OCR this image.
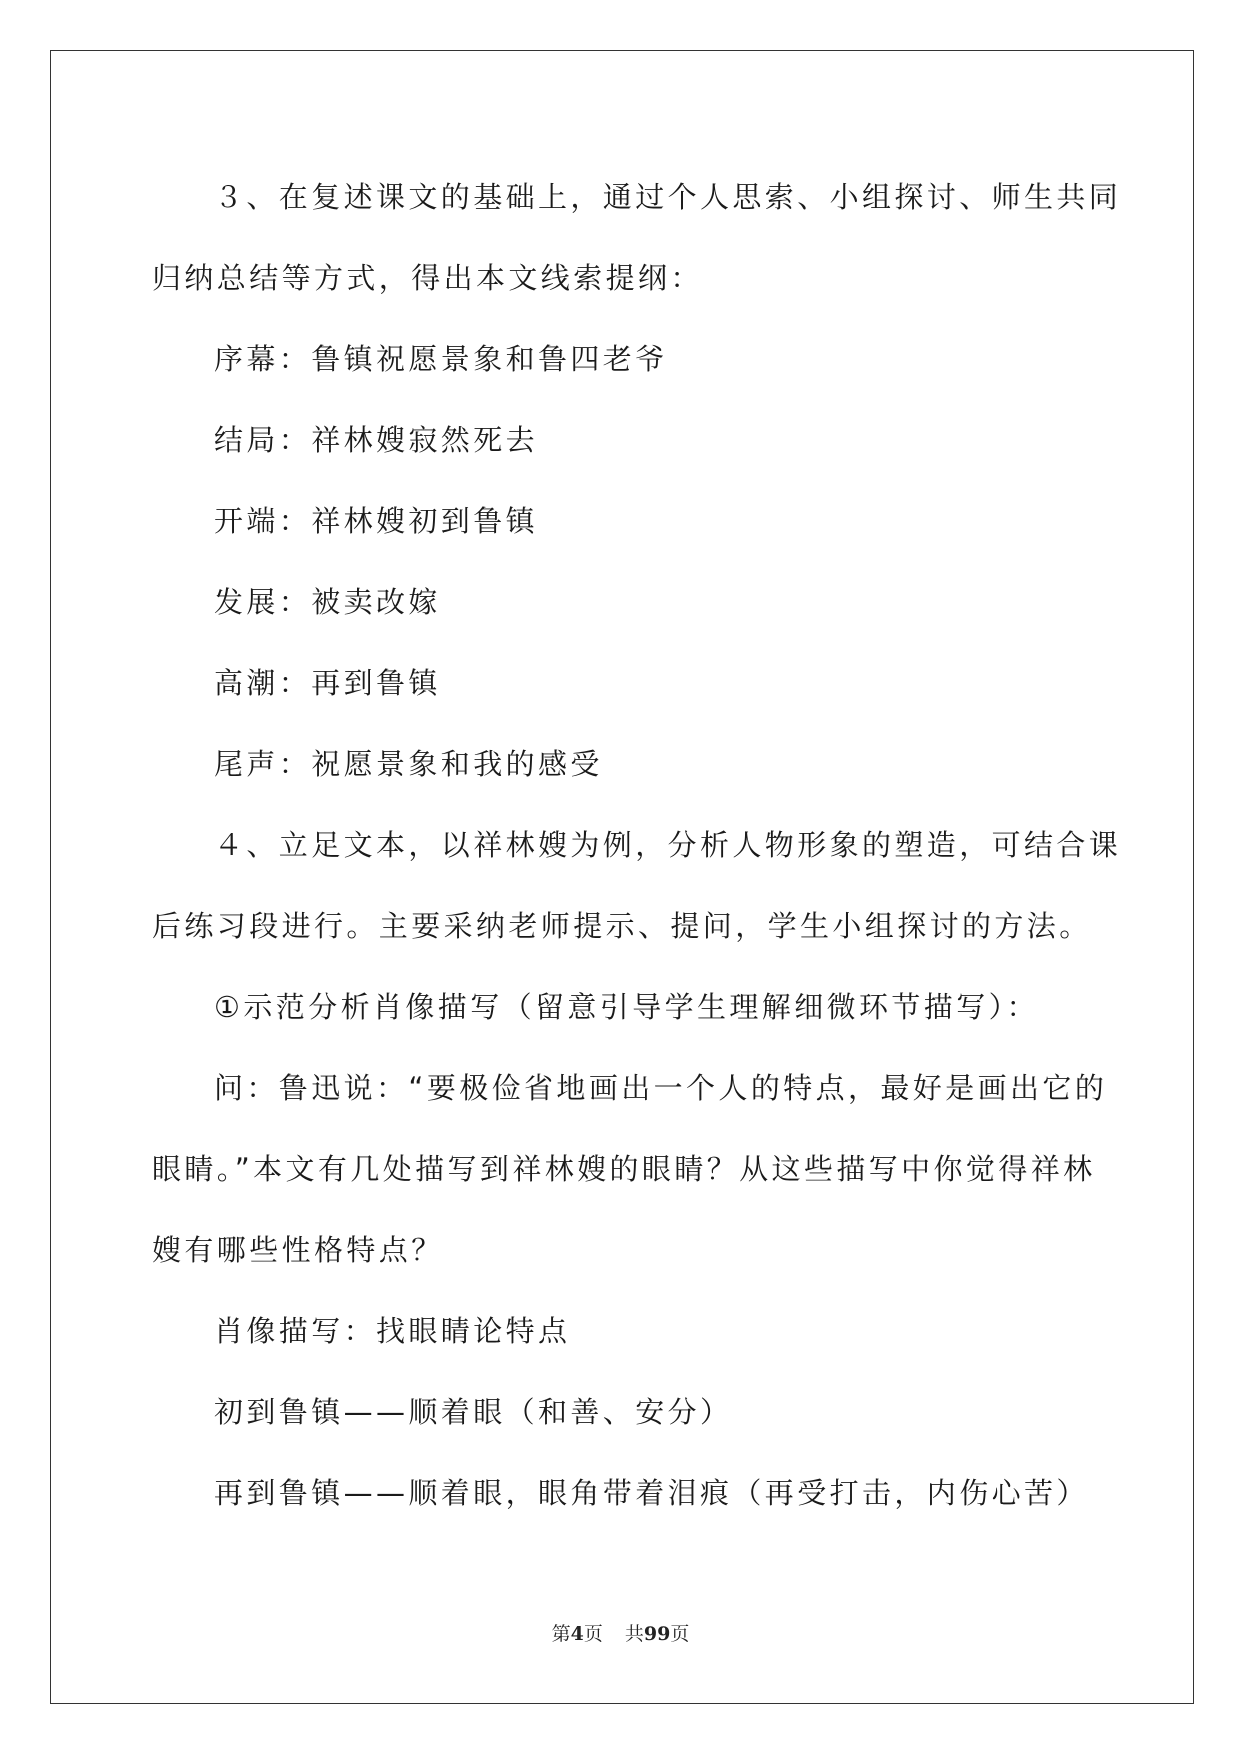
３、在复述课文的基础上，通过个人思索、小组探讨、师生共同

归纳总结等方式，得出本文线索提纲：

序幕：鲁镇祝愿景象和鲁四老爷

结局：祥林嫂寂然死去

开端：祥林嫂初到鲁镇

发展：被卖改嫁

高潮：再到鲁镇

尾声：祝愿景象和我的感受

４、立足文本，以祥林嫂为例，分析人物形象的塑造，可结合课

后练习段进行。主要采纳老师提示、提问，学生小组探讨的方法。

①示范分析肖像描写（留意引导学生理解细微环节描写）：

问：鲁迅说：“要极俭省地画出一个人的特点，最好是画出它的

眼睛。”本文有几处描写到祥林嫂的眼睛？从这些描写中你觉得祥林

嫂有哪些性格特点？

肖像描写：找眼睛论特点

初到鲁镇——顺着眼（和善、安分）

再到鲁镇——顺着眼，眼角带着泪痕（再受打击，内伤心苦）

第4页 共99页
